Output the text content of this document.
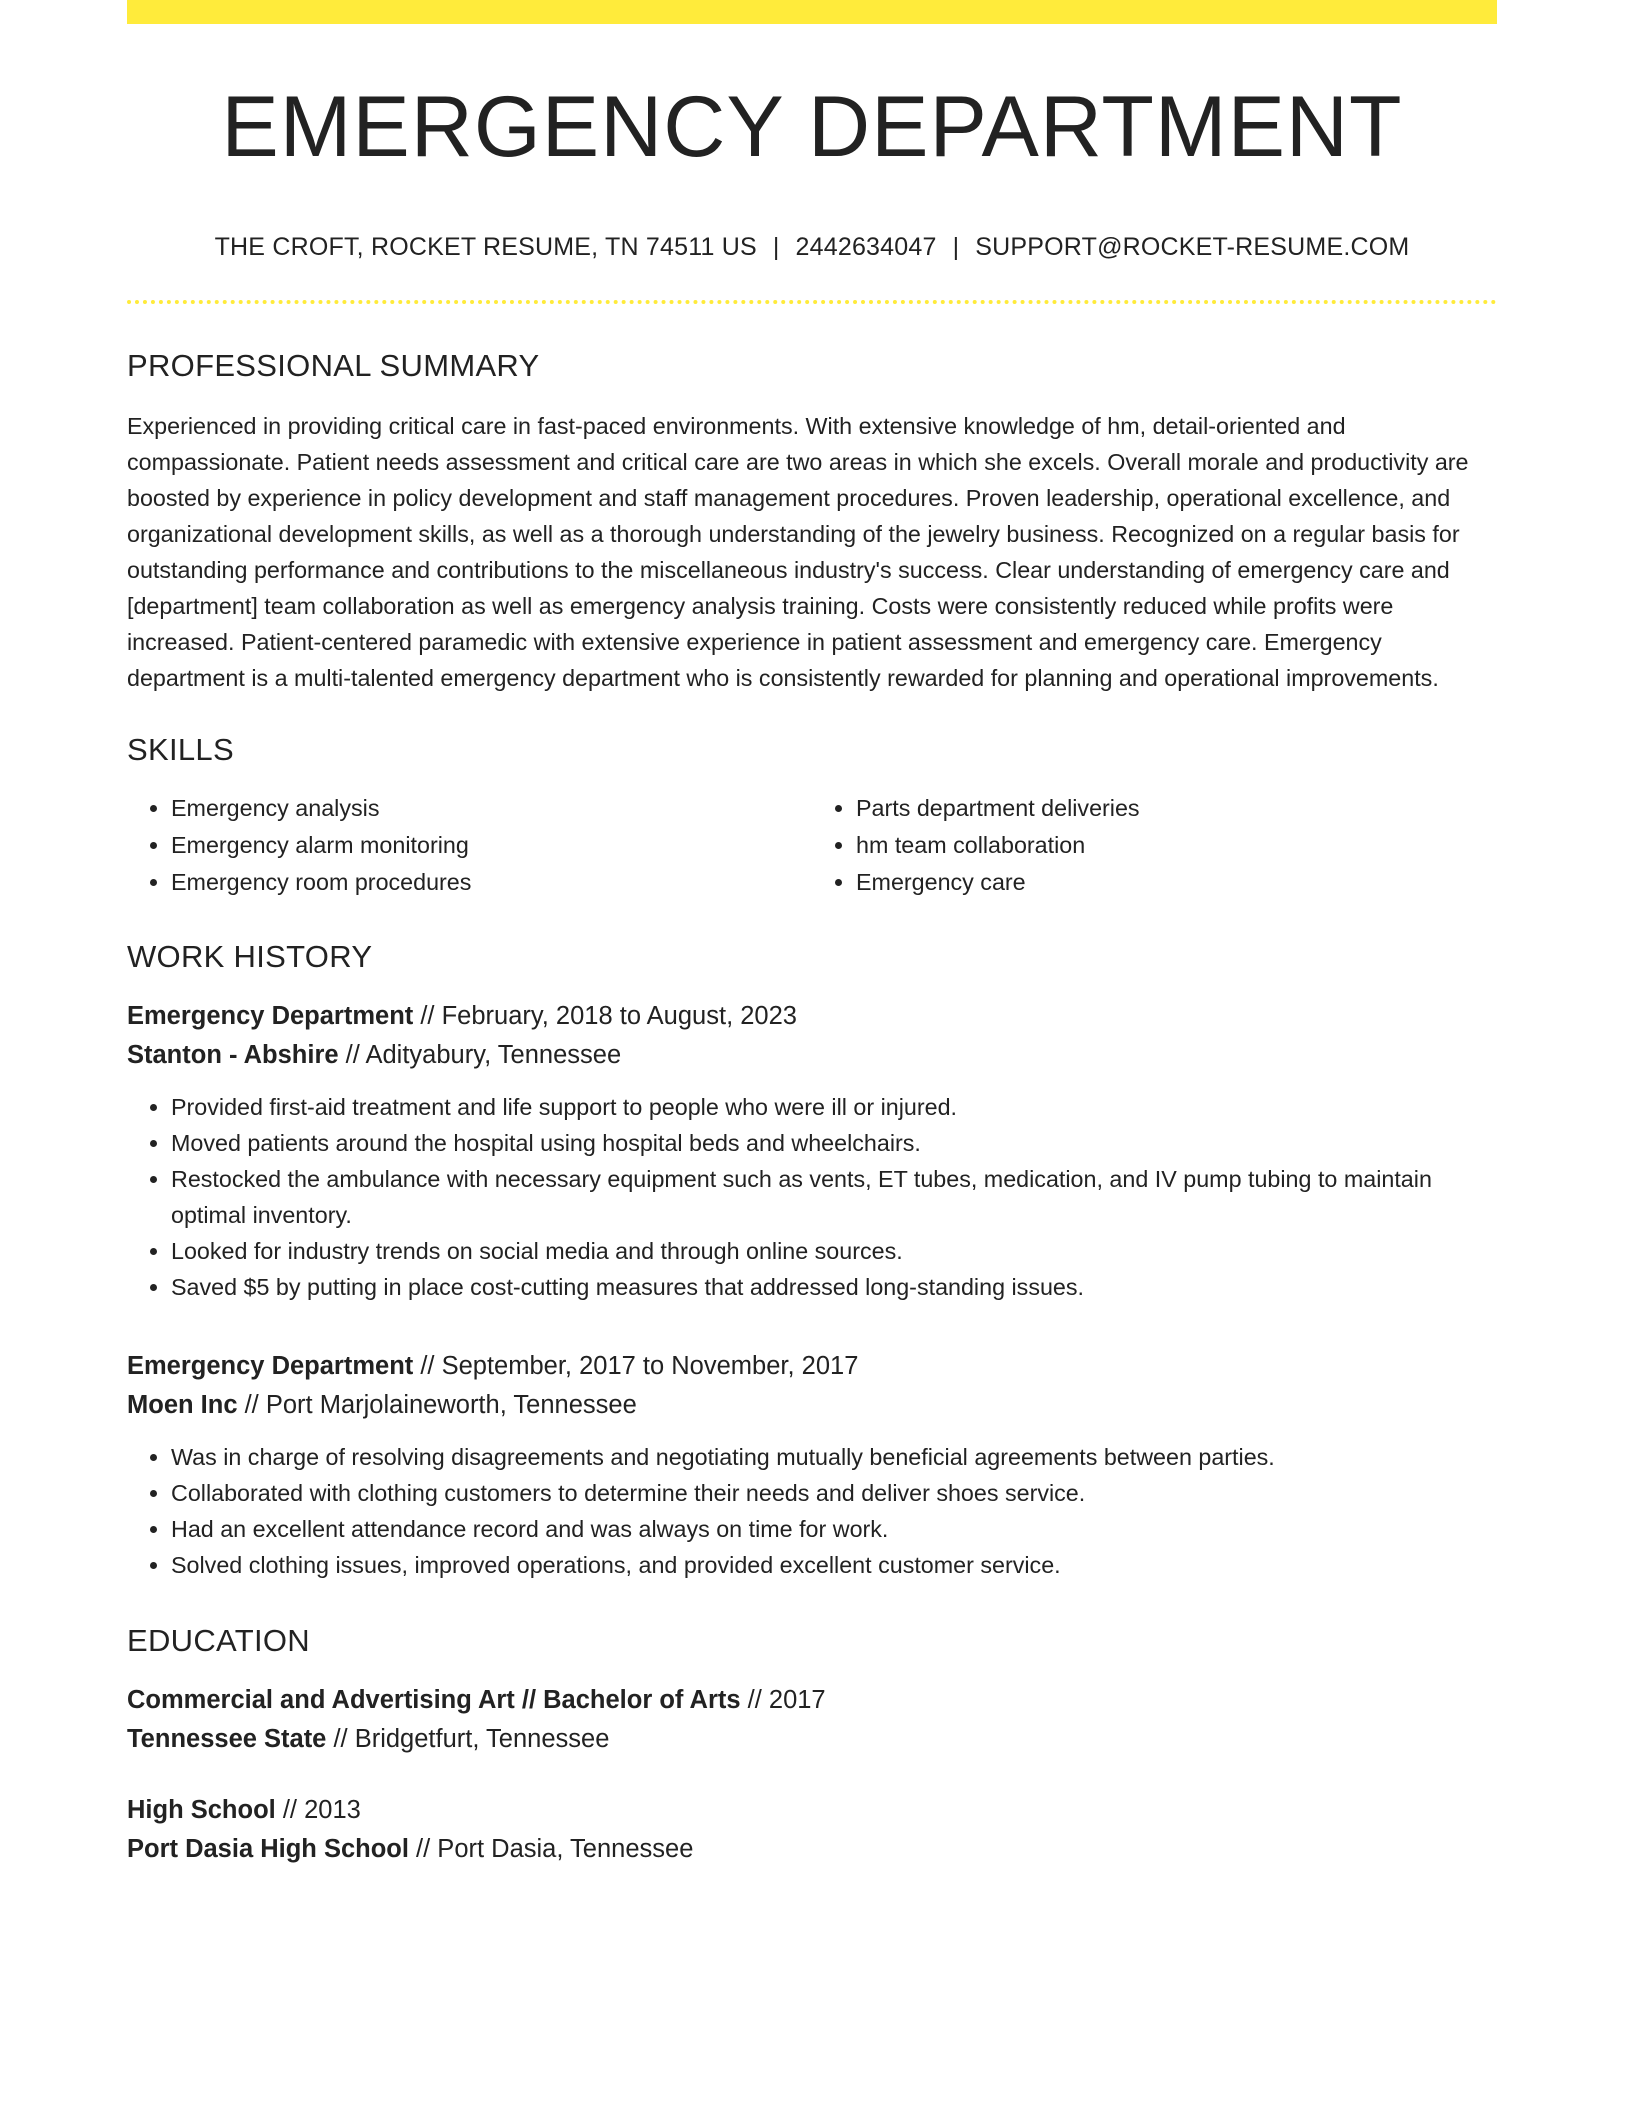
EMERGENCY DEPARTMENT
THE CROFT, ROCKET RESUME, TN 74511 US | 2442634047 | SUPPORT@ROCKET-RESUME.COM
PROFESSIONAL SUMMARY

Experienced in providing critical care in fast-paced environments. With extensive knowledge of hm, detail-oriented and compassionate. Patient needs assessment and critical care are two areas in which she excels. Overall morale and productivity are boosted by experience in policy development and staff management procedures. Proven leadership, operational excellence, and organizational development skills, as well as a thorough understanding of the jewelry business. Recognized on a regular basis for outstanding performance and contributions to the miscellaneous industry's success. Clear understanding of emergency care and [department] team collaboration as well as emergency analysis training. Costs were consistently reduced while profits were increased. Patient-centered paramedic with extensive experience in patient assessment and emergency care. Emergency department is a multi-talented emergency department who is consistently rewarded for planning and operational improvements.

SKILLS
• Emergency analysis
• Emergency alarm monitoring
• Emergency room procedures
• Parts department deliveries
• hm team collaboration
• Emergency care
WORK HISTORY
Emergency Department // February, 2018 to August, 2023
Stanton - Abshire // Adityabury, Tennessee
• Provided first-aid treatment and life support to people who were ill or injured.
• Moved patients around the hospital using hospital beds and wheelchairs.
• Restocked the ambulance with necessary equipment such as vents, ET tubes, medication, and IV pump tubing to maintain optimal inventory.
• Looked for industry trends on social media and through online sources.
• Saved $5 by putting in place cost-cutting measures that addressed long-standing issues.
Emergency Department // September, 2017 to November, 2017
Moen Inc // Port Marjolaineworth, Tennessee
• Was in charge of resolving disagreements and negotiating mutually beneficial agreements between parties.
• Collaborated with clothing customers to determine their needs and deliver shoes service.
• Had an excellent attendance record and was always on time for work.
• Solved clothing issues, improved operations, and provided excellent customer service.
EDUCATION
Commercial and Advertising Art // Bachelor of Arts // 2017
Tennessee State // Bridgetfurt, Tennessee
High School // 2013
Port Dasia High School // Port Dasia, Tennessee
